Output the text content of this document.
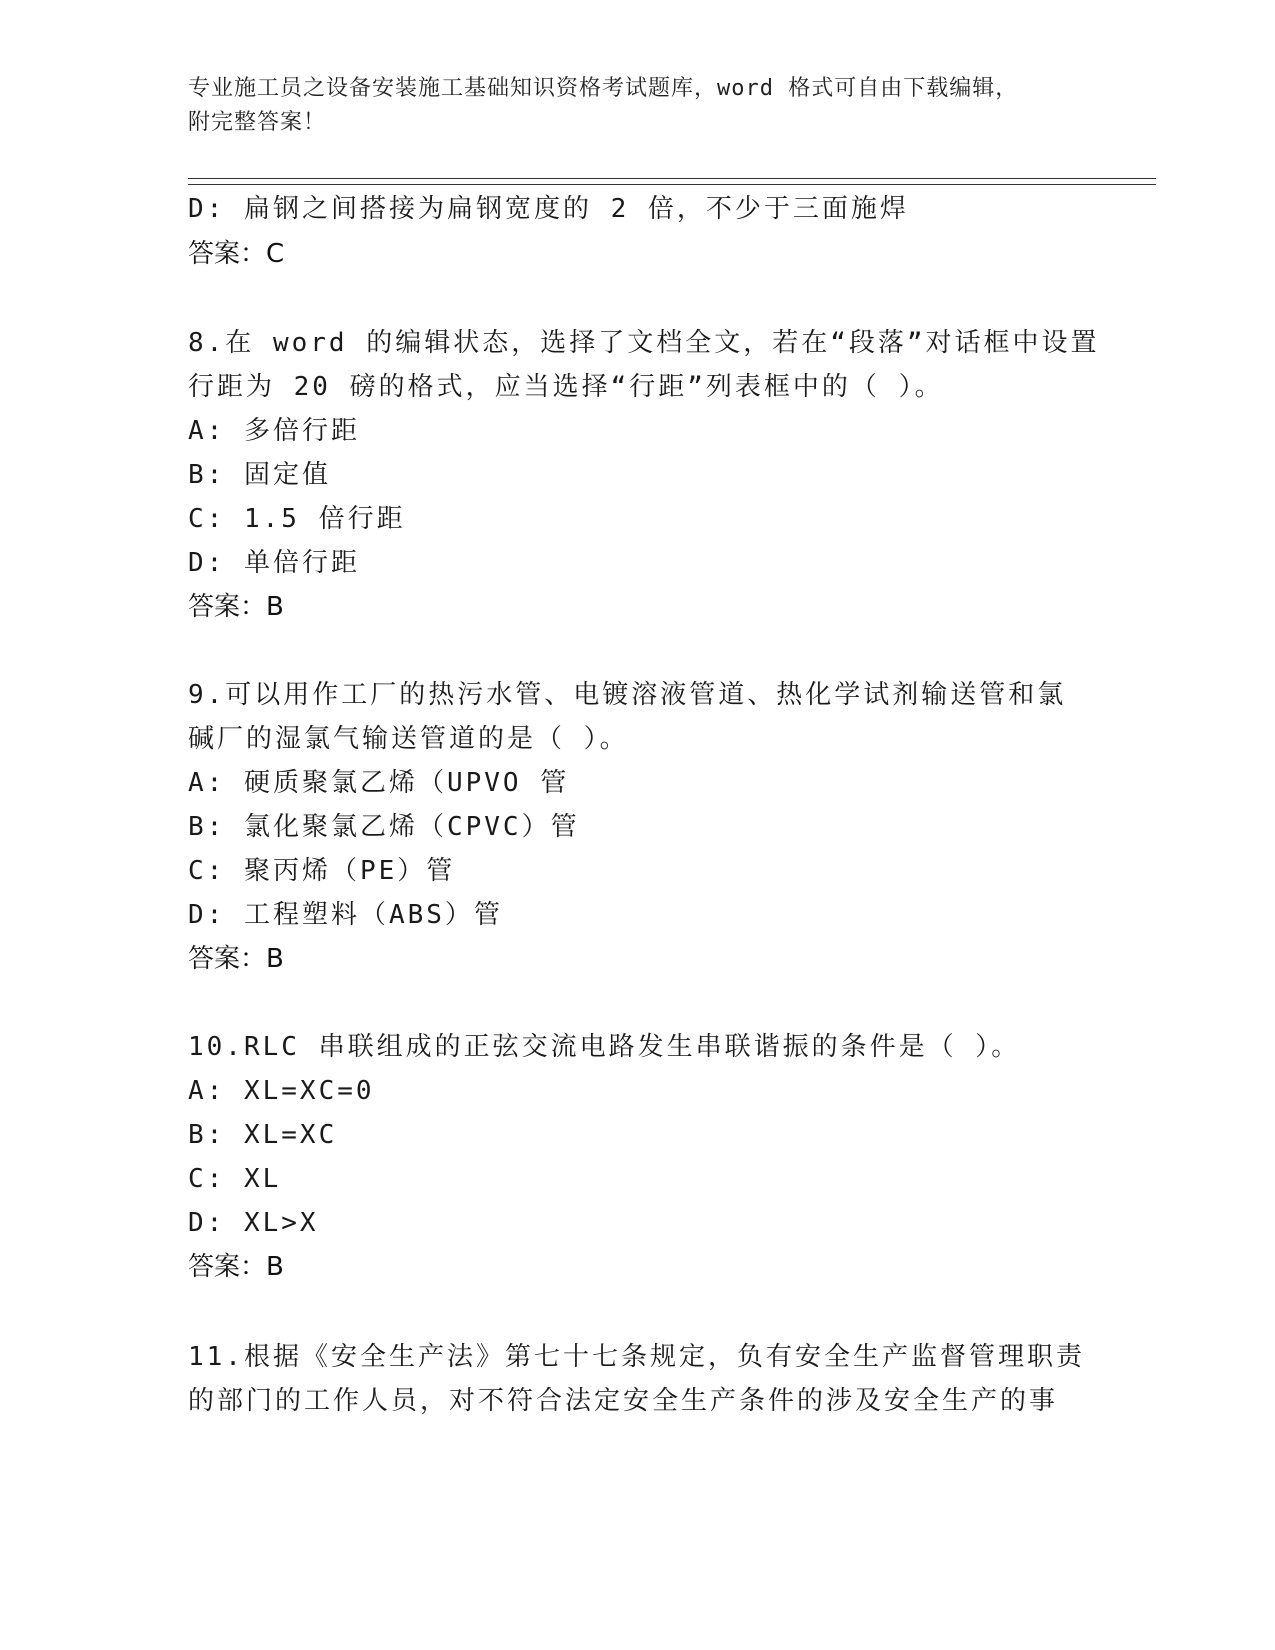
专业施工员之设备安装施工基础知识资格考试题库，word 格式可自由下载编辑，
附完整答案！
D: 扁钢之间搭接为扁钢宽度的 2 倍，不少于三面施焊
答案：C
8.在 word 的编辑状态，选择了文档全文，若在“段落”对话框中设置
行距为 20 磅的格式，应当选择“行距”列表框中的（ ）。
A: 多倍行距
B: 固定值
C: 1.5 倍行距
D: 单倍行距
答案：B
9.可以用作工厂的热污水管、电镀溶液管道、热化学试剂输送管和氯
碱厂的湿氯气输送管道的是（ ）。
A: 硬质聚氯乙烯（UPVO 管
B: 氯化聚氯乙烯（CPVC）管
C: 聚丙烯（PE）管
D: 工程塑料（ABS）管
答案：B
10.RLC 串联组成的正弦交流电路发生串联谐振的条件是（ ）。
A: XL=XC=0
B: XL=XC
C: XL
D: XL>X
答案：B
11.根据《安全生产法》第七十七条规定，负有安全生产监督管理职责
的部门的工作人员，对不符合法定安全生产条件的涉及安全生产的事
